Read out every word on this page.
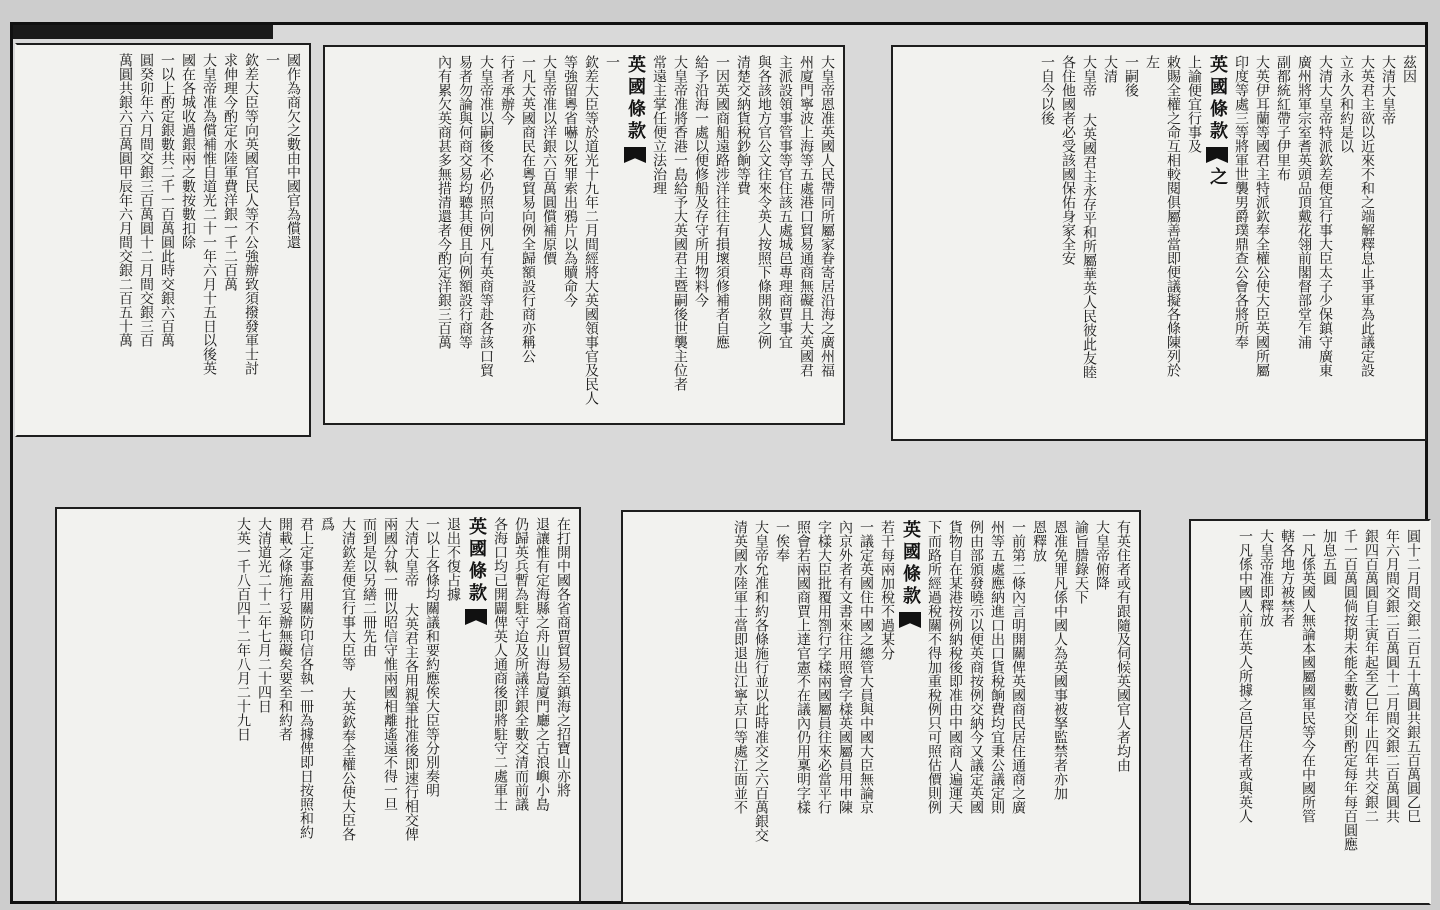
國作為商欠之數由中國官為償還
一
欽差大臣等向英國官民人等不公強辦致須撥發軍士討
求伸理今酌定水陸軍費洋銀一千二百萬
大皇帝准為償補惟自道光二十一年六月十五日以後英
國在各城收過銀兩之數按數扣除
一以上酌定銀數共二千一百萬圓此時交銀六百萬
圓癸卯年六月間交銀三百萬圓十二月間交銀三百
萬圓共銀六百萬圓甲辰年六月間交銀二百五十萬	大皇帝恩准英國人民帶同所屬家眷寄居沿海之廣州福
州廈門寧波上海等五處港口貿易通商無礙且大英國君
主派設領事管事等官住該五處城邑專理商賈事宜
與各該地方官公文往來令英人按照下條開敘之例
清楚交納貨稅鈔餉等費
一因英國商船遠路涉洋往往有損壞須修補者自應
給予沿海一處以便修船及存守所用物料今
大皇帝准將香港一島給予大英國君主暨嗣後世襲主位者
常遠主掌任便立法治理
英國條款
一
欽差大臣等於道光十九年二月間經將大英國領事官及民人
等強留粵省嚇以死罪索出鴉片以為贖命今
大皇帝准以洋銀六百萬圓償補原價
一凡大英國商民在粵貿易向例全歸額設行商亦稱公
行者承辦今
大皇帝准以嗣後不必仍照向例凡有英商等赴各該口貿
易者勿論與何商交易均聽其便且向例額設行商等
內有累欠英商甚多無措清還者今酌定洋銀三百萬	茲因
大清大皇帝
大英君主欲以近來不和之端解釋息止爭軍為此議定設
立永久和約是以
大清大皇帝特派欽差便宜行事大臣太子少保鎮守廣東
廣州將軍宗室耆英頭品頂戴花翎前閣督部堂乍浦
副都統紅帶子伊里布
大英伊耳蘭等國君主特派欽奉全權公使大臣英國所屬
印度等處三等將軍世襲男爵璞鼎查公會各將所奉
英國條款之
上諭便宜行事及
敕賜全權之命互相較閱俱屬善當即便議擬各條陳列於
左
一嗣後
大清
大皇帝 大英國君主永存平和所屬華英人民彼此友睦
各住他國者必受該國保佑身家全安
一自今以後
在打開中國各省商賈貿易至鎮海之招寶山亦將
退讓惟有定海縣之舟山海島廈門廳之古浪嶼小島
仍歸英兵暫為駐守迨及所議洋銀全數交清而前議
各海口均已開闢俾英人通商後即將駐守二處軍士
英國條款
退出不復占據
一以上各條均關議和要約應俟大臣等分別奏明
大清大皇帝 大英君主各用親筆批准後即速行相交俾
兩國分執一冊以昭信守惟兩國相離遙遠不得一旦
而到是以另繕二冊先由
大清欽差便宜行事大臣等 大英欽奉全權公使大臣各
爲
君上定事蓋用關防印信各執一冊為據俾即日按照和約
開載之條施行妥辦無礙矣要至和約者
大清道光二十二年七月二十四日
大英一千八百四十二年八月二十九日	有英住者或有跟隨及伺候英國官人者均由
大皇帝俯降
諭旨謄錄天下
恩准免罪凡係中國人為英國事被拏監禁者亦加
恩釋放
一前第二條內言明開關俾英國商民居住通商之廣
州等五處應納進口出口貨稅餉費均宜秉公議定則
例由部頒發曉示以便英商按例交納今又議定英國
貨物自在某港按例納稅後即准由中國商人遍運天
下而路所經過稅關不得加重稅例只可照估價則例
英國條款
若干每兩加稅不過某分
一議定英國住中國之總管大員與中國大臣無論京
內京外者有文書來往用照會字樣英國屬員用申陳
字樣大臣批覆用劄行字樣兩國屬員往來必當平行
照會若兩國商賈上達官憲不在議內仍用稟明字樣
一俟奉
大皇帝允准和約各條施行並以此時准交之六百萬銀交
清英國水陸軍士當即退出江寧京口等處江面並不	圓十二月間交銀二百五十萬圓共銀五百萬圓乙巳
年六月間交銀二百萬圓十二月間交銀二百萬圓共
銀四百萬圓自壬寅年起至乙巳年止四年共交銀二
千一百萬圓倘按期未能全數清交則酌定每年每百圓應
加息五圓
一凡係英國人無論本國屬國軍民等今在中國所管
轄各地方被禁者
大皇帝准即釋放
一凡係中國人前在英人所據之邑居住者或與英人
